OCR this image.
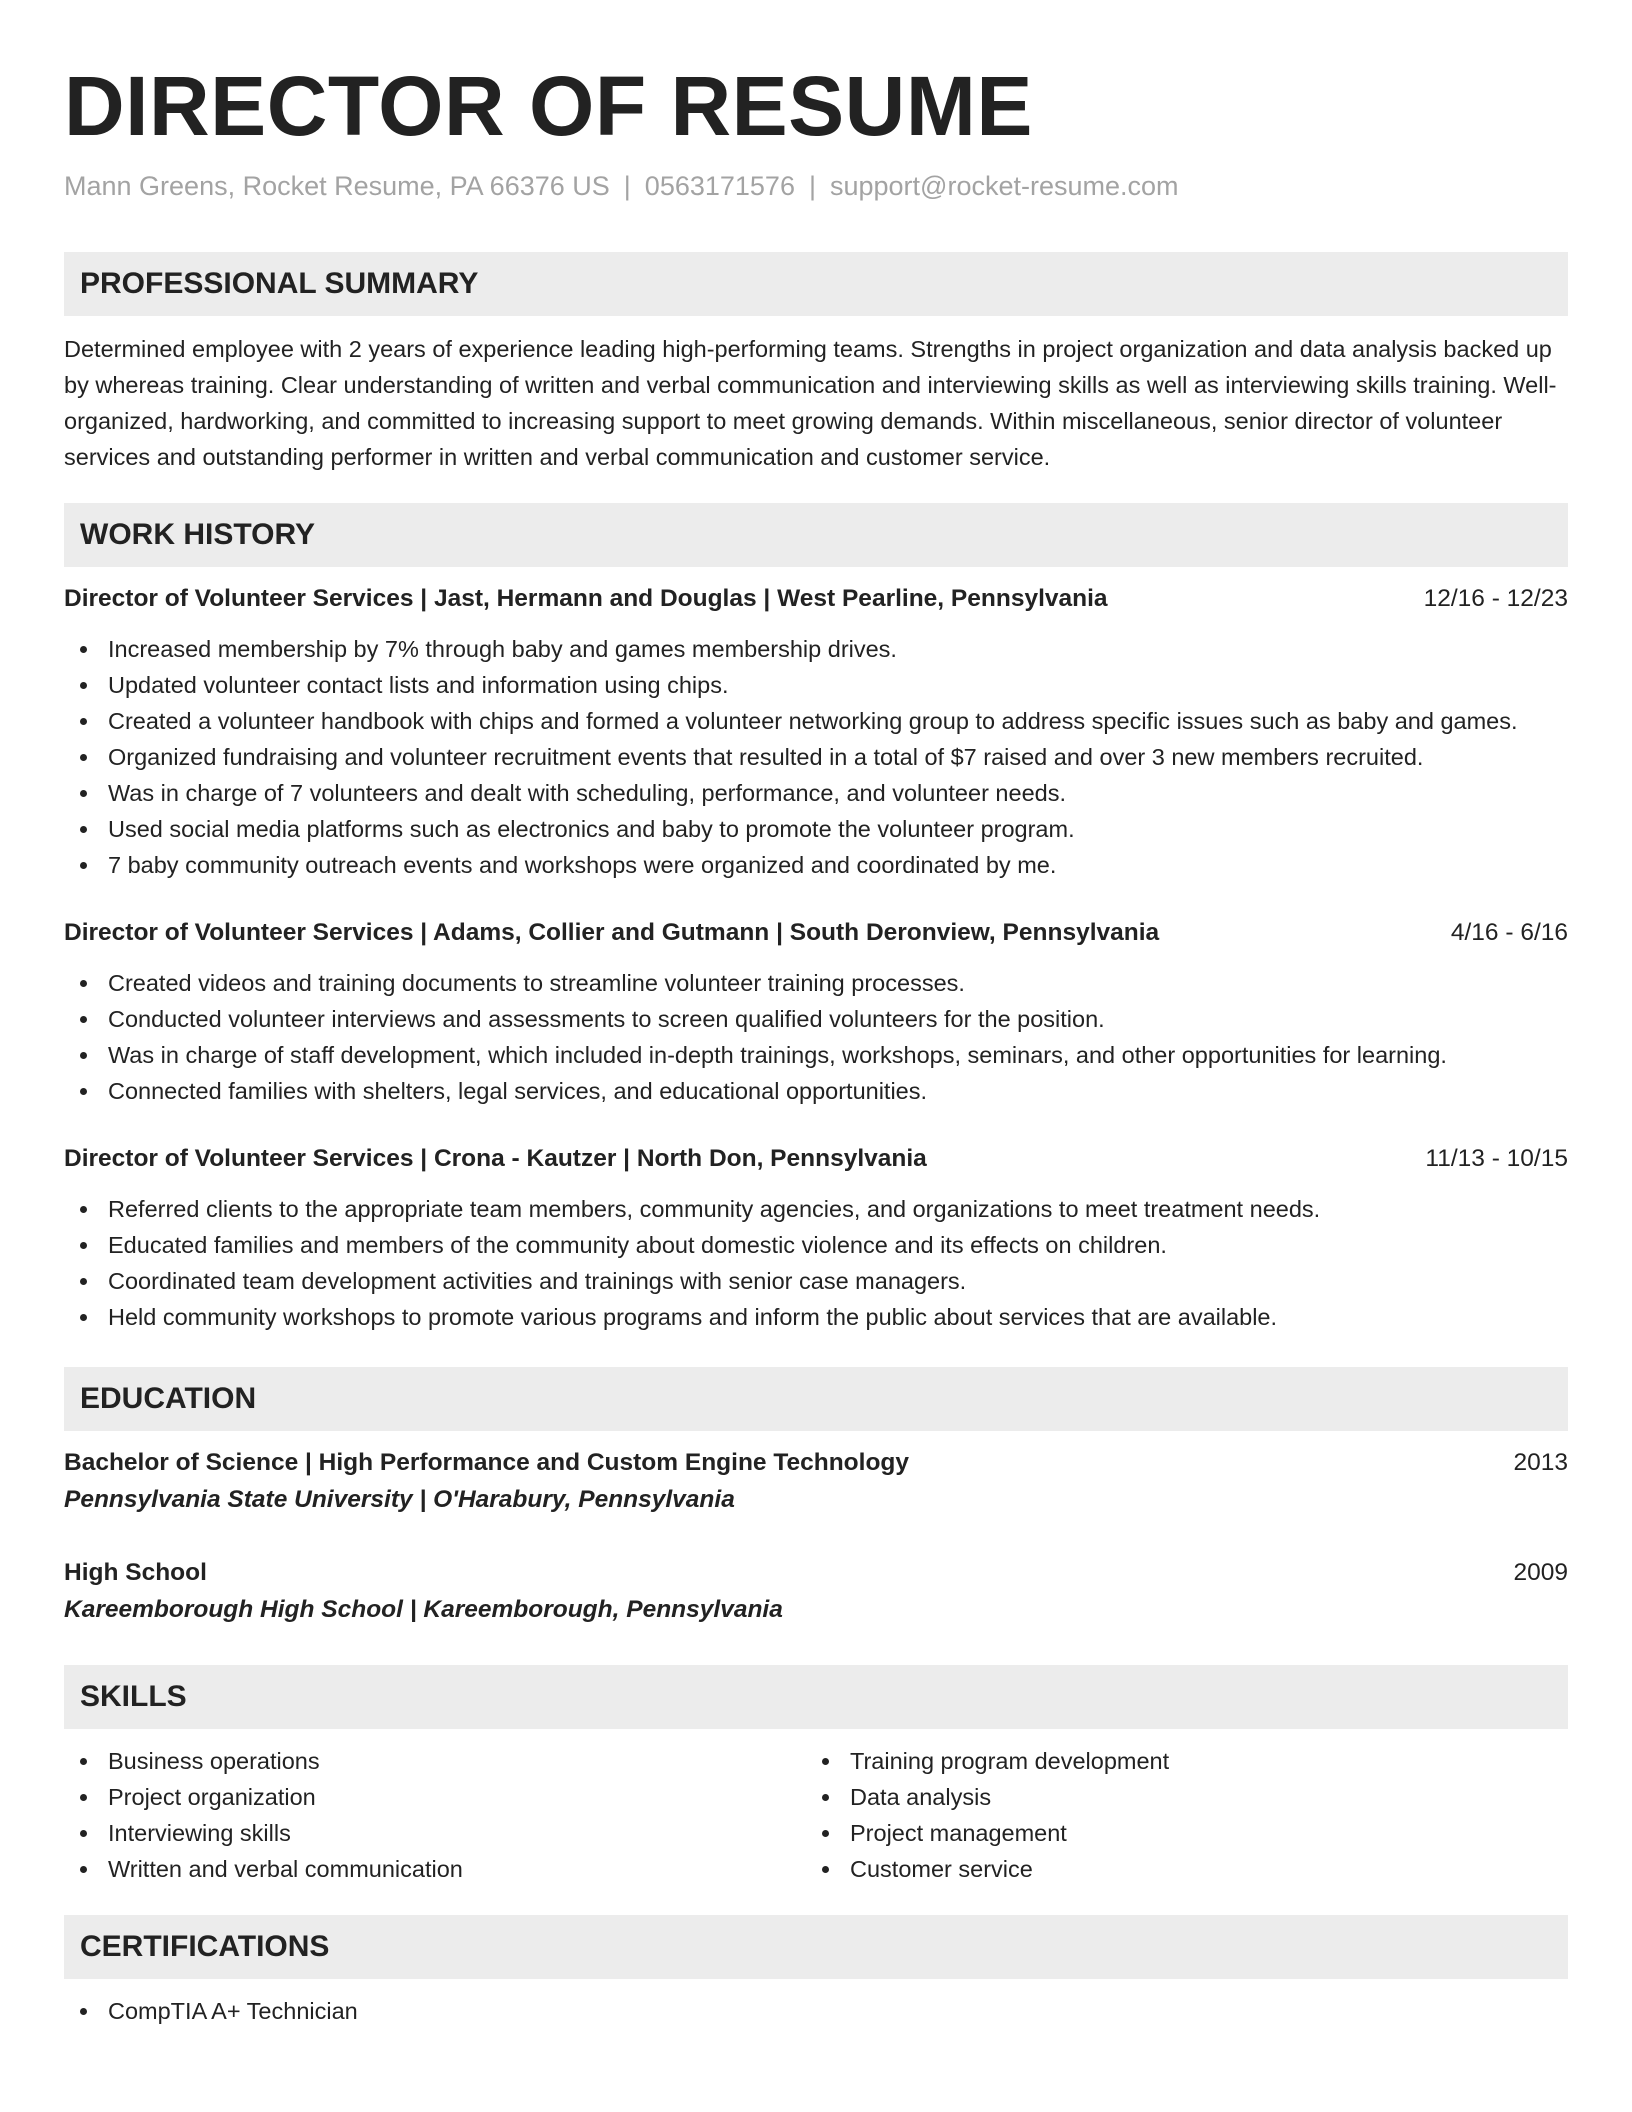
DIRECTOR OF RESUME
Mann Greens, Rocket Resume, PA 66376 US | 0563171576 | support@rocket-resume.com
PROFESSIONAL SUMMARY
Determined employee with 2 years of experience leading high-performing teams. Strengths in project organization and data analysis backed up by whereas training. Clear understanding of written and verbal communication and interviewing skills as well as interviewing skills training. Well-organized, hardworking, and committed to increasing support to meet growing demands. Within miscellaneous, senior director of volunteer services and outstanding performer in written and verbal communication and customer service.
WORK HISTORY
Director of Volunteer Services | Jast, Hermann and Douglas | West Pearline, Pennsylvania	12/16 - 12/23
Increased membership by 7% through baby and games membership drives.
Updated volunteer contact lists and information using chips.
Created a volunteer handbook with chips and formed a volunteer networking group to address specific issues such as baby and games.
Organized fundraising and volunteer recruitment events that resulted in a total of $7 raised and over 3 new members recruited.
Was in charge of 7 volunteers and dealt with scheduling, performance, and volunteer needs.
Used social media platforms such as electronics and baby to promote the volunteer program.
7 baby community outreach events and workshops were organized and coordinated by me.
Director of Volunteer Services | Adams, Collier and Gutmann | South Deronview, Pennsylvania	4/16 - 6/16
Created videos and training documents to streamline volunteer training processes.
Conducted volunteer interviews and assessments to screen qualified volunteers for the position.
Was in charge of staff development, which included in-depth trainings, workshops, seminars, and other opportunities for learning.
Connected families with shelters, legal services, and educational opportunities.
Director of Volunteer Services | Crona - Kautzer | North Don, Pennsylvania	11/13 - 10/15
Referred clients to the appropriate team members, community agencies, and organizations to meet treatment needs.
Educated families and members of the community about domestic violence and its effects on children.
Coordinated team development activities and trainings with senior case managers.
Held community workshops to promote various programs and inform the public about services that are available.
EDUCATION
Bachelor of Science | High Performance and Custom Engine Technology	2013
Pennsylvania State University | O'Harabury, Pennsylvania
High School	2009
Kareemborough High School | Kareemborough, Pennsylvania
SKILLS
Business operations
Project organization
Interviewing skills
Written and verbal communication
Training program development
Data analysis
Project management
Customer service
CERTIFICATIONS
CompTIA A+ Technician
